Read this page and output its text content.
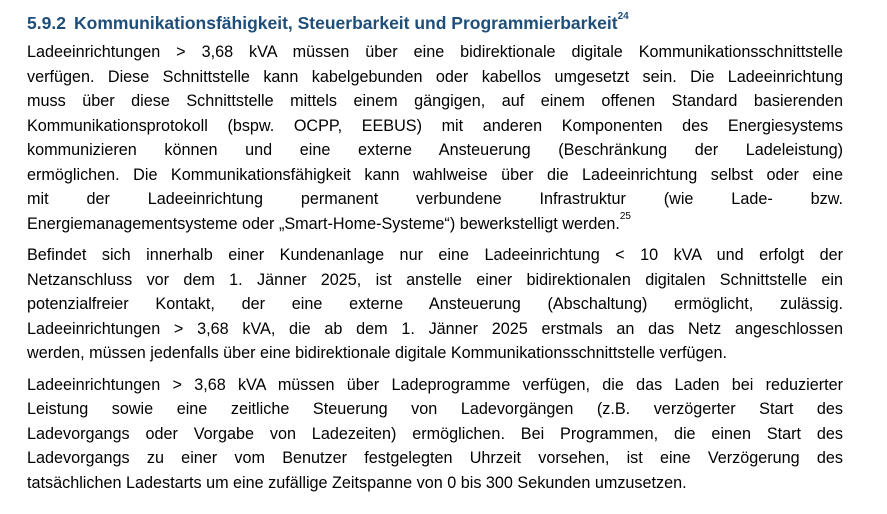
5.9.2 Kommunikationsfähigkeit, Steuerbarkeit und Programmierbarkeit$^{24}$

Ladeeinrichtungen > 3,68 kVA müssen über eine bidirektionale digitale Kommunikationsschnittstelle
verfügen. Diese Schnittstelle kann kabelgebunden oder kabellos umgesetzt sein. Die Ladeeinrichtung
muss über diese Schnittstelle mittels einem gängigen, auf einem offenen Standard basierenden
Kommunikationsprotokoll (bspw. OCPP, EEBUS) mit anderen Komponenten des Energiesystems
kommunizieren können und eine externe Ansteuerung (Beschränkung der Ladeleistung)
ermöglichen. Die Kommunikationsfähigkeit kann wahlweise über die Ladeeinrichtung selbst oder eine
mit der Ladeeinrichtung permanent verbundene Infrastruktur (wie Lade- bzw.
Energiemanagementsysteme oder „Smart-Home-Systeme“) bewerkstelligt werden.$^{25}$

Befindet sich innerhalb einer Kundenanlage nur eine Ladeeinrichtung < 10 kVA und erfolgt der
Netzanschluss vor dem 1. Jänner 2025, ist anstelle einer bidirektionalen digitalen Schnittstelle ein
potenzialfreier Kontakt, der eine externe Ansteuerung (Abschaltung) ermöglicht, zulässig.
Ladeeinrichtungen > 3,68 kVA, die ab dem 1. Jänner 2025 erstmals an das Netz angeschlossen
werden, müssen jedenfalls über eine bidirektionale digitale Kommunikationsschnittstelle verfügen.

Ladeeinrichtungen > 3,68 kVA müssen über Ladeprogramme verfügen, die das Laden bei reduzierter
Leistung sowie eine zeitliche Steuerung von Ladevorgängen (z.B. verzögerter Start des
Ladevorgangs oder Vorgabe von Ladezeiten) ermöglichen. Bei Programmen, die einen Start des
Ladevorgangs zu einer vom Benutzer festgelegten Uhrzeit vorsehen, ist eine Verzögerung des
tatsächlichen Ladestarts um eine zufällige Zeitspanne von 0 bis 300 Sekunden umzusetzen.
